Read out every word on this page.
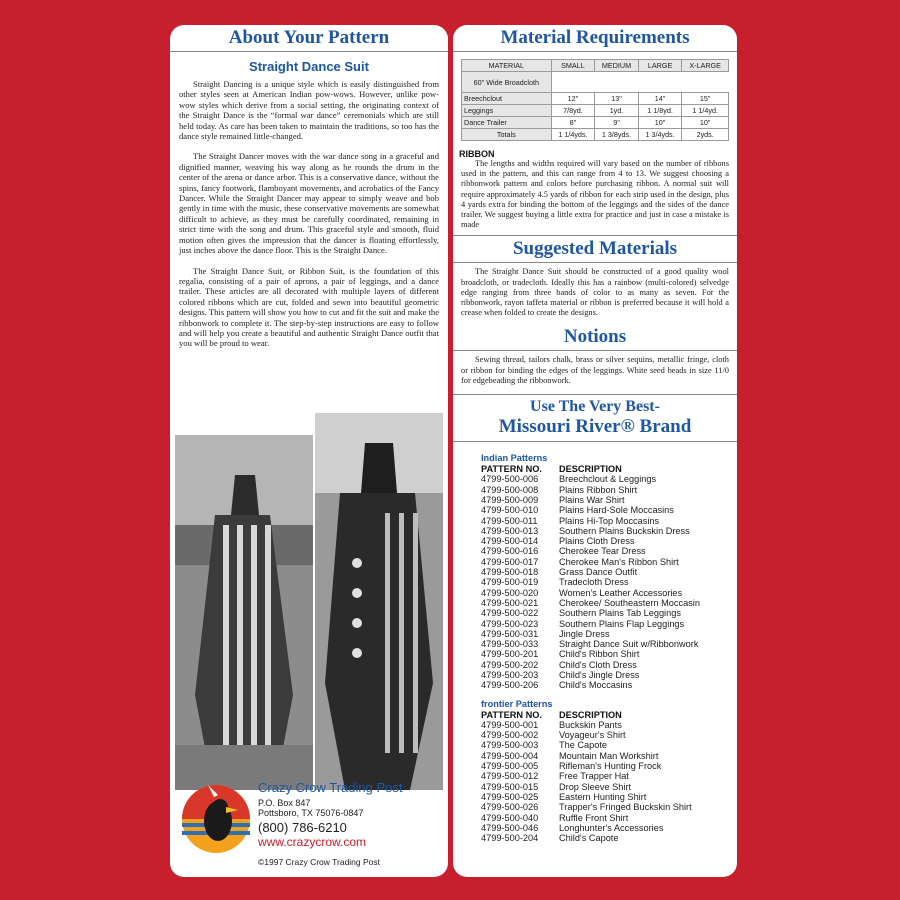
About Your Pattern
Straight Dance Suit

Straight Dancing is a unique style which is easily distinguished from other styles seen at American Indian pow-wows. However, unlike pow-wow styles which derive from a social setting, the originating context of the Straight Dance is the “formal war dance” ceremonials which are still held today. As care has been taken to maintain the traditions, so too has the dance style remained little-changed.

The Straight Dancer moves with the war dance song in a graceful and dignified manner, weaving his way along as he rounds the drum in the center of the arena or dance arbor. This is a conservative dance, without the spins, fancy footwork, flamboyant movements, and acrobatics of the Fancy Dancer. While the Straight Dancer may appear to simply weave and bob gently in time with the music, these conservative movements are somewhat difficult to achieve, as they must be carefully coordinated, remaining in strict time with the song and drum. This graceful style and smooth, fluid motion often gives the impression that the dancer is floating effortlessly, just inches above the dance floor. This is the Straight Dance.

The Straight Dance Suit, or Ribbon Suit, is the foundation of this regalia, consisting of a pair of aprons, a pair of leggings, and a dance trailer. These articles are all decorated with multiple layers of different colored ribbons which are cut, folded and sewn into beautiful geometric designs. This pattern will show you how to cut and fit the suit and make the ribbonwork to complete it. The step-by-step instructions are easy to follow and will help you create a beautiful and authentic Straight Dance outfit that you will be proud to wear.

Crazy Crow Trading Post
P.O. Box 847
Pottsboro, TX 75076-0847
(800) 786-6210
www.crazycrow.com
©1997 Crazy Crow Trading Post
Material Requirements
MATERIAL	SMALL	MEDIUM	LARGE	X-LARGE
60" Wide Broadcloth				
Breechclout	12"	13"	14"	15"
Leggings	7/8yd.	1yd.	1 1/8yd.	1 1/4yd.
Dance Trailer	8"	9"	10"	10"
Totals	1 1/4yds.	1 3/8yds.	1 3/4yds.	2yds.
RIBBON

The lengths and widths required will vary based on the number of ribbons used in the pattern, and this can range from 4 to 13. We suggest choosing a ribbonwork pattern and colors before purchasing ribbon. A normal suit will require approximately 4.5 yards of ribbon for each strip used in the design, plus 4 yards extra for binding the bottom of the leggings and the sides of the dance trailer. We suggest buying a little extra for practice and just in case a mistake is made

Suggested Materials

The Straight Dance Suit should be constructed of a good quality wool broadcloth, or tradecloth. Ideally this has a rainbow (multi-colored) selvedge edge ranging from three bands of color to as many as seven. For the ribbonwork, rayon taffeta material or ribbon is preferred because it will hold a crease when folded to create the designs.

Notions

Sewing thread, tailors chalk, brass or silver sequins, metallic fringe, cloth or ribbon for binding the edges of the leggings. White seed beads in size 11/0 for edgebeading the ribbonwork.

Use The Very Best-
Missouri River® Brand
Indian Patterns
PATTERN NO.	DESCRIPTION
4799-500-006	Breechclout & Leggings
4799-500-008	Plains Ribbon Shirt
4799-500-009	Plains War Shirt
4799-500-010	Plains Hard-Sole Moccasins
4799-500-011	Plains Hi-Top Moccasins
4799-500-013	Southern Plains Buckskin Dress
4799-500-014	Plains Cloth Dress
4799-500-016	Cherokee Tear Dress
4799-500-017	Cherokee Man's Ribbon Shirt
4799-500-018	Grass Dance Outfit
4799-500-019	Tradecloth Dress
4799-500-020	Women's Leather Accessories
4799-500-021	Cherokee/ Southeastern Moccasin
4799-500-022	Southern Plains Tab Leggings
4799-500-023	Southern Plains Flap Leggings
4799-500-031	Jingle Dress
4799-500-033	Straight Dance Suit w/Ribbonwork
4799-500-201	Child's Ribbon Shirt
4799-500-202	Child's Cloth Dress
4799-500-203	Child's Jingle Dress
4799-500-206	Child's Moccasins
frontier Patterns
PATTERN NO.	DESCRIPTION
4799-500-001	Buckskin Pants
4799-500-002	Voyageur's Shirt
4799-500-003	The Capote
4799-500-004	Mountain Man Workshirt
4799-500-005	Rifleman's Hunting Frock
4799-500-012	Free Trapper Hat
4799-500-015	Drop Sleeve Shirt
4799-500-025	Eastern Hunting Shirt
4799-500-026	Trapper's Fringed Buckskin Shirt
4799-500-040	Ruffle Front Shirt
4799-500-046	Longhunter's Accessories
4799-500-204	Child's Capote
